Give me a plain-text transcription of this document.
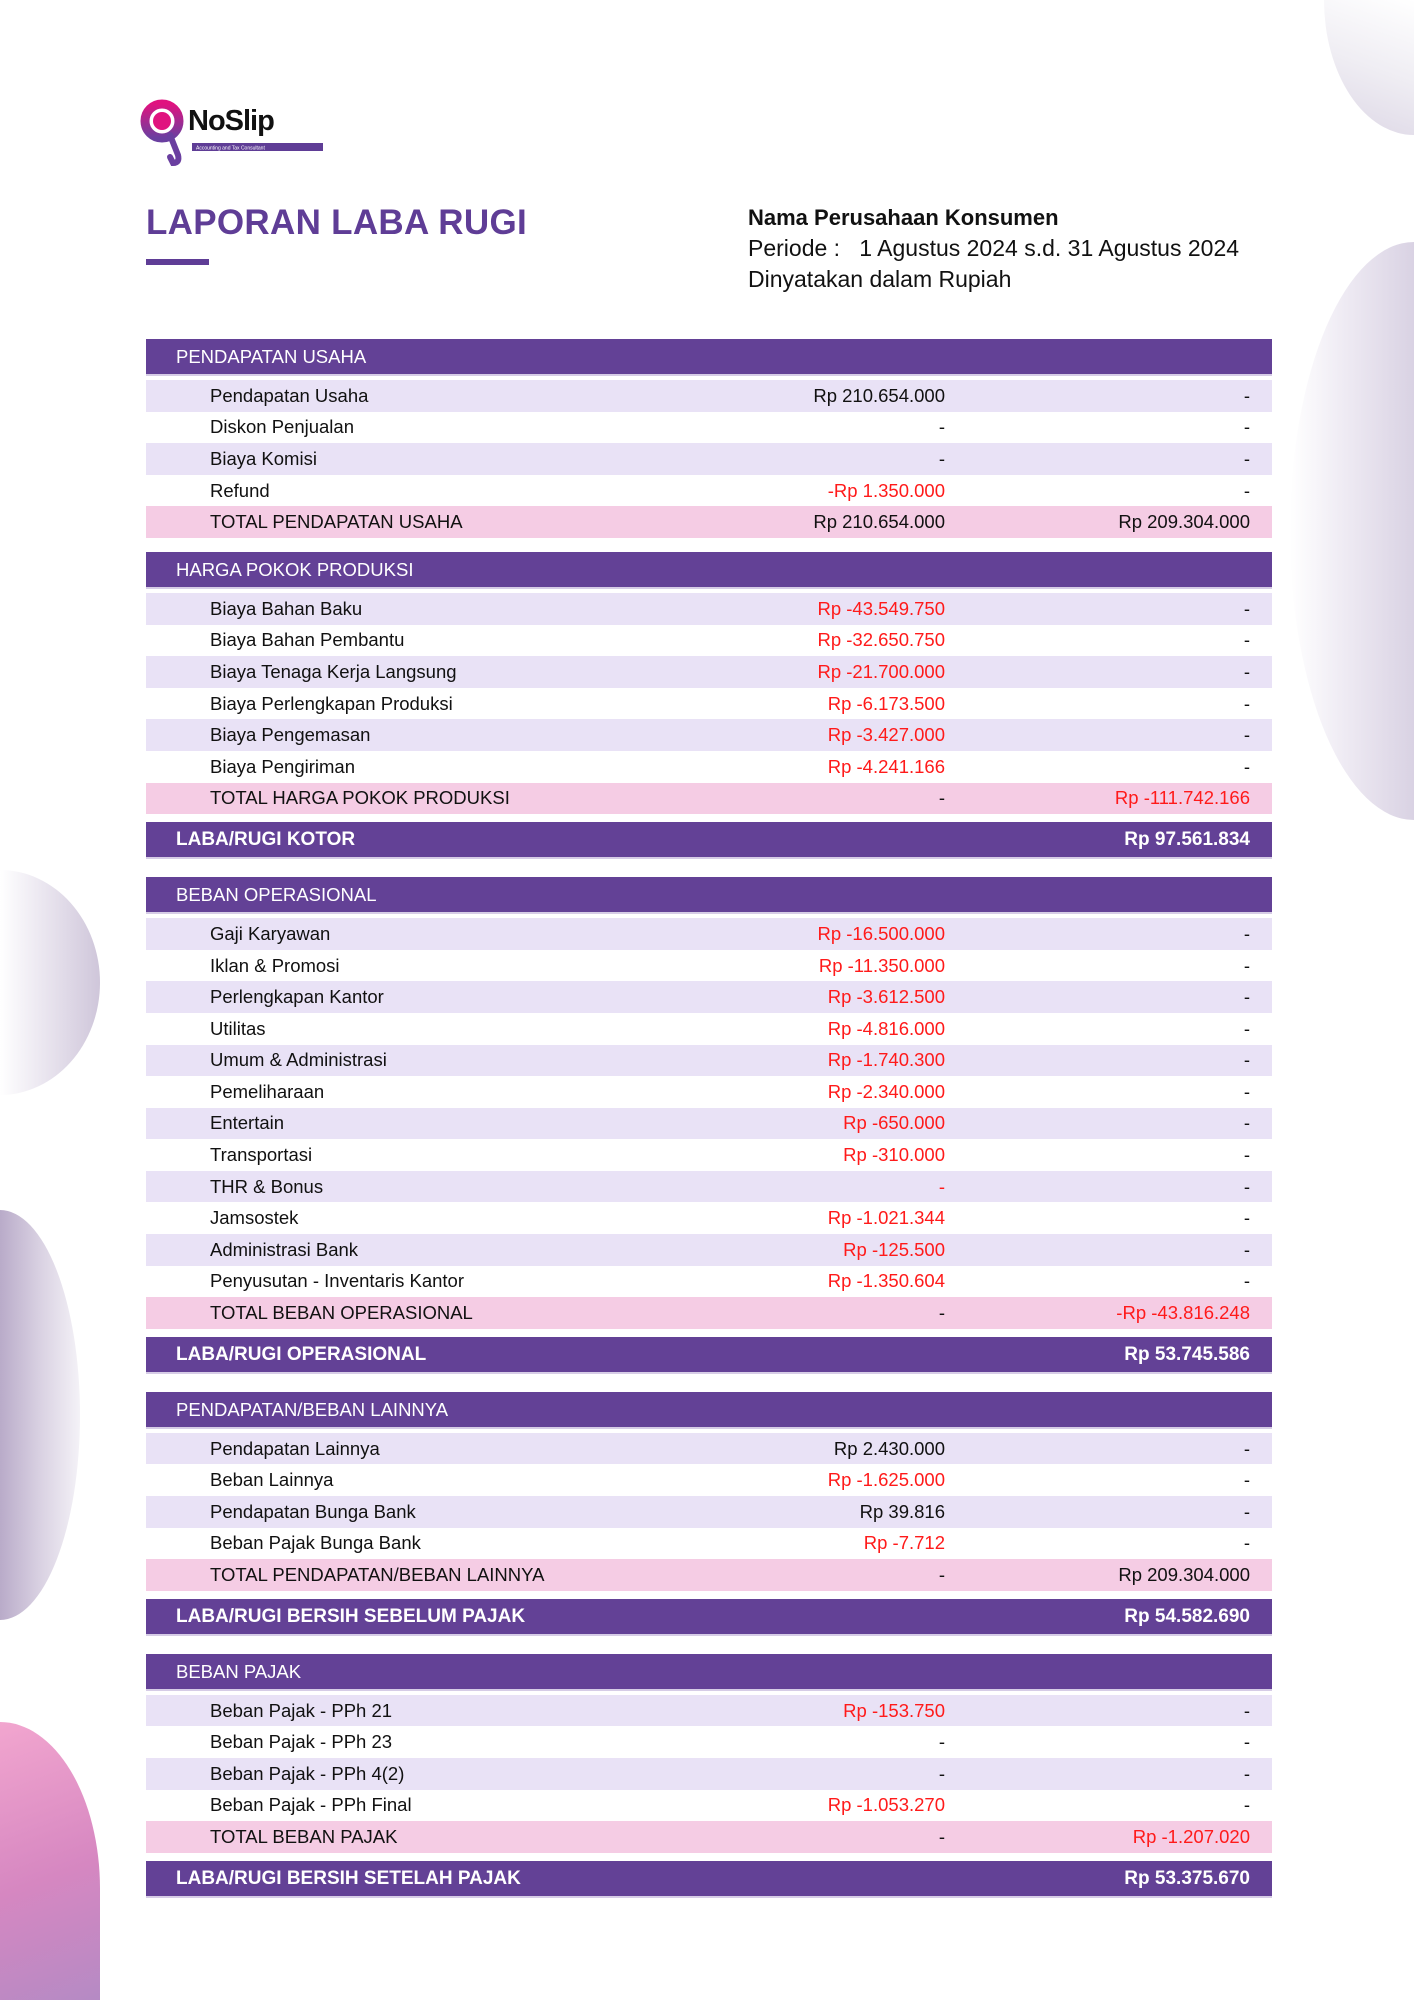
NoSlip
Accounting and Tax Consultant
LAPORAN LABA RUGI	Nama Perusahaan Konsumen
Periode : 1 Agustus 2024 s.d. 31 Agustus 2024
Dinyatakan dalam Rupiah
PENDAPATAN USAHA
Pendapatan Usaha	Rp 210.654.000	-
Diskon Penjualan	-	-
Biaya Komisi	-	-
Refund	-Rp 1.350.000	-
TOTAL PENDAPATAN USAHA	Rp 210.654.000	Rp 209.304.000
HARGA POKOK PRODUKSI
Biaya Bahan Baku	Rp -43.549.750	-
Biaya Bahan Pembantu	Rp -32.650.750	-
Biaya Tenaga Kerja Langsung	Rp -21.700.000	-
Biaya Perlengkapan Produksi	Rp -6.173.500	-
Biaya Pengemasan	Rp -3.427.000	-
Biaya Pengiriman	Rp -4.241.166	-
TOTAL HARGA POKOK PRODUKSI	-	Rp -111.742.166
LABA/RUGI KOTOR	Rp 97.561.834
BEBAN OPERASIONAL
Gaji Karyawan	Rp -16.500.000	-
Iklan & Promosi	Rp -11.350.000	-
Perlengkapan Kantor	Rp -3.612.500	-
Utilitas	Rp -4.816.000	-
Umum & Administrasi	Rp -1.740.300	-
Pemeliharaan	Rp -2.340.000	-
Entertain	Rp -650.000	-
Transportasi	Rp -310.000	-
THR & Bonus	-	-
Jamsostek	Rp -1.021.344	-
Administrasi Bank	Rp -125.500	-
Penyusutan - Inventaris Kantor	Rp -1.350.604	-
TOTAL BEBAN OPERASIONAL	-	-Rp -43.816.248
LABA/RUGI OPERASIONAL	Rp 53.745.586
PENDAPATAN/BEBAN LAINNYA
Pendapatan Lainnya	Rp 2.430.000	-
Beban Lainnya	Rp -1.625.000	-
Pendapatan Bunga Bank	Rp 39.816	-
Beban Pajak Bunga Bank	Rp -7.712	-
TOTAL PENDAPATAN/BEBAN LAINNYA	-	Rp 209.304.000
LABA/RUGI BERSIH SEBELUM PAJAK	Rp 54.582.690
BEBAN PAJAK
Beban Pajak - PPh 21	Rp -153.750	-
Beban Pajak - PPh 23	-	-
Beban Pajak - PPh 4(2)	-	-
Beban Pajak - PPh Final	Rp -1.053.270	-
TOTAL BEBAN PAJAK	-	Rp -1.207.020
LABA/RUGI BERSIH SETELAH PAJAK	Rp 53.375.670
